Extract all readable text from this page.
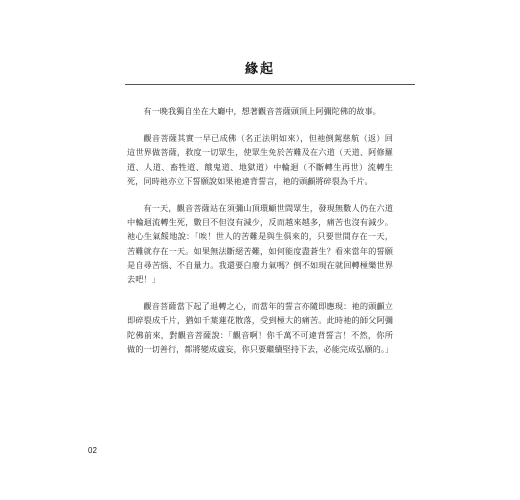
緣起

有一晚我獨自坐在大廳中，想著觀音菩薩頭頂上阿彌陀佛的故事。

觀音菩薩其實一早已成佛（名正法明如來），但祂倒駕慈航（返）回這世界做菩薩，救度一切眾生，使眾生免於苦難及在六道（天道、阿修羅道、人道、畜牲道、餓鬼道、地獄道）中輪迴（不斷轉生再世）流轉生死，同時祂亦立下誓願說如果祂違背誓言，祂的頭顱將碎裂為千片。

有一天，觀音菩薩站在須彌山頂環顧世間眾生，發現無數人仍在六道中輪迴流轉生死，數目不但沒有減少，反而越來越多，痛苦也沒有減少。祂心生氣餒地說：「唉！世人的苦難是與生俱來的，只要世間存在一天，苦難就存在一天。如果無法斷絕苦難，如何能度盡蒼生？看來當年的誓願是自尋苦惱、不自量力。我還要白廢力氣嗎？倒不如現在就回轉極樂世界去吧！」

觀音菩薩當下起了退轉之心，而當年的誓言亦隨即應現：祂的頭顱立即碎裂成千片，猶如千葉蓮花散落，受到極大的痛苦。此時祂的師父阿彌陀佛前來，對觀音菩薩說：「觀音啊！你千萬不可違背誓言！不然，你所做的一切善行，都將變成虛妄，你只要繼續堅持下去，必能完成弘願的。」

02
